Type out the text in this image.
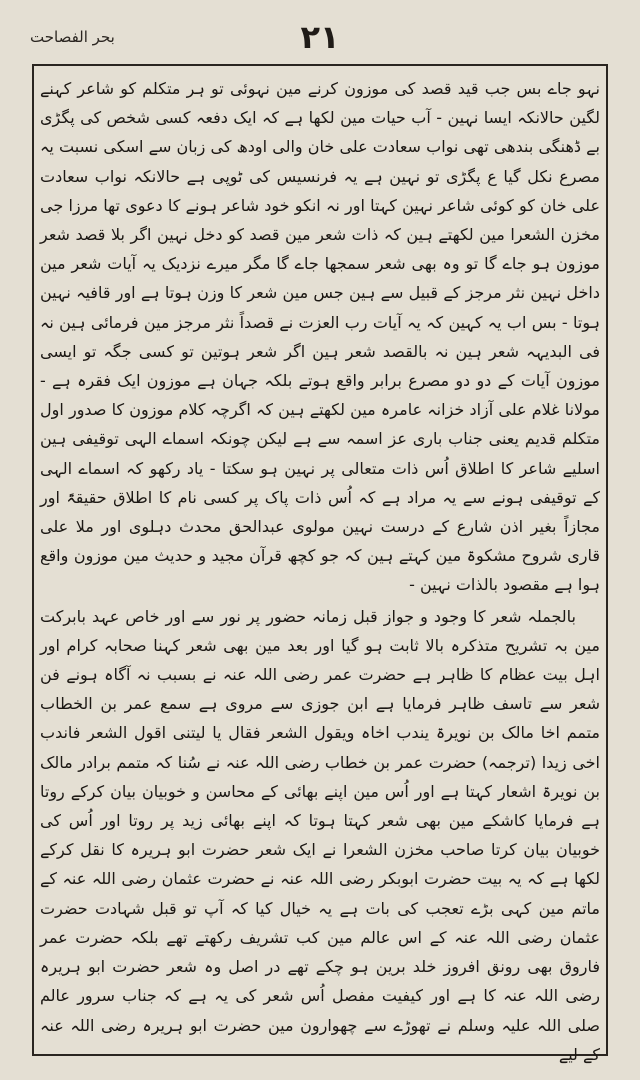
بحر الفصاحت	۲۱

نہو جاے بس جب قید قصد کی موزون کرنے مین نہوئی تو ہر متکلم کو شاعر کہنے لگین حالانکہ ایسا نہین - آب حیات مین لکھا ہے کہ ایک دفعہ کسی شخص کی پگڑی بے ڈھنگی بندھی تھی نواب سعادت علی خان والی اودھ کی زبان سے اسکی نسبت یہ مصرع نکل گیا ع پگڑی تو نہین ہے یہ فرنسیس کی ٹوپی ہے حالانکہ نواب سعادت علی خان کو کوئی شاعر نہین کہتا اور نہ انکو خود شاعر ہونے کا دعوی تھا مرزا جی مخزن الشعرا مین لکھتے ہین کہ ذات شعر مین قصد کو دخل نہین اگر بلا قصد شعر موزون ہو جاے گا تو وہ بھی شعر سمجھا جاے گا مگر میرے نزدیک یہ آیات شعر مین داخل نہین نثر مرجز کے قبیل سے ہین جس مین شعر کا وزن ہوتا ہے اور قافیہ نہین ہوتا - بس اب یہ کہین کہ یہ آیات رب العزت نے قصداً نثر مرجز مین فرمائی ہین نہ فی البدیہہ شعر ہین نہ بالقصد شعر ہین اگر شعر ہوتین تو کسی جگہ تو ایسی موزون آیات کے دو دو مصرع برابر واقع ہوتے بلکہ جہان ہے موزون ایک فقرہ ہے - مولانا غلام علی آزاد خزانہ عامرہ مین لکھتے ہین کہ اگرچہ کلام موزون کا صدور اول متکلم قدیم یعنی جناب باری عز اسمہ سے ہے لیکن چونکہ اسماے الہی توقیفی ہین اسلیے شاعر کا اطلاق اُس ذات متعالی پر نہین ہو سکتا - یاد رکھو کہ اسماے الہی کے توقیفی ہونے سے یہ مراد ہے کہ اُس ذات پاک پر کسی نام کا اطلاق حقیقۃً اور مجازاً بغیر اذن شارع کے درست نہین مولوی عبدالحق محدث دہلوی اور ملا علی قاری شروح مشکوۃ مین کہتے ہین کہ جو کچھ قرآن مجید و حدیث مین موزون واقع ہوا ہے مقصود بالذات نہین -

بالجملہ شعر کا وجود و جواز قبل زمانہ حضور پر نور سے اور خاص عہد بابرکت مین بہ تشریح متذکرہ بالا ثابت ہو گیا اور بعد مین بھی شعر کہنا صحابہ کرام اور اہل بیت عظام کا ظاہر ہے حضرت عمر رضی اللہ عنہ نے بسبب نہ آگاہ ہونے فن شعر سے تاسف ظاہر فرمایا ہے ابن جوزی سے مروی ہے سمع عمر بن الخطاب متمم اخا مالک بن نویرۃ یندب اخاہ ویقول الشعر فقال یا لیتنی اقول الشعر فاندب اخی زیدا (ترجمہ) حضرت عمر بن خطاب رضی اللہ عنہ نے سُنا کہ متمم برادر مالک بن نویرۃ اشعار کہتا ہے اور اُس مین اپنے بھائی کے محاسن و خوبیان بیان کرکے روتا ہے فرمایا کاشکے مین بھی شعر کہتا ہوتا کہ اپنے بھائی زید پر روتا اور اُس کی خوبیان بیان کرتا صاحب مخزن الشعرا نے ایک شعر حضرت ابو ہریرہ کا نقل کرکے لکھا ہے کہ یہ بیت حضرت ابوبکر رضی اللہ عنہ نے حضرت عثمان رضی اللہ عنہ کے ماتم مین کہی بڑے تعجب کی بات ہے یہ خیال کیا کہ آپ تو قبل شہادت حضرت عثمان رضی اللہ عنہ کے اس عالم مین کب تشریف رکھتے تھے بلکہ حضرت عمر فاروق بھی رونق افروز خلد برین ہو چکے تھے در اصل وہ شعر حضرت ابو ہریرہ رضی اللہ عنہ کا ہے اور کیفیت مفصل اُس شعر کی یہ ہے کہ جناب سرور عالم صلی اللہ علیہ وسلم نے تھوڑے سے چھوارون مین حضرت ابو ہریرہ رضی اللہ عنہ کے لیے
